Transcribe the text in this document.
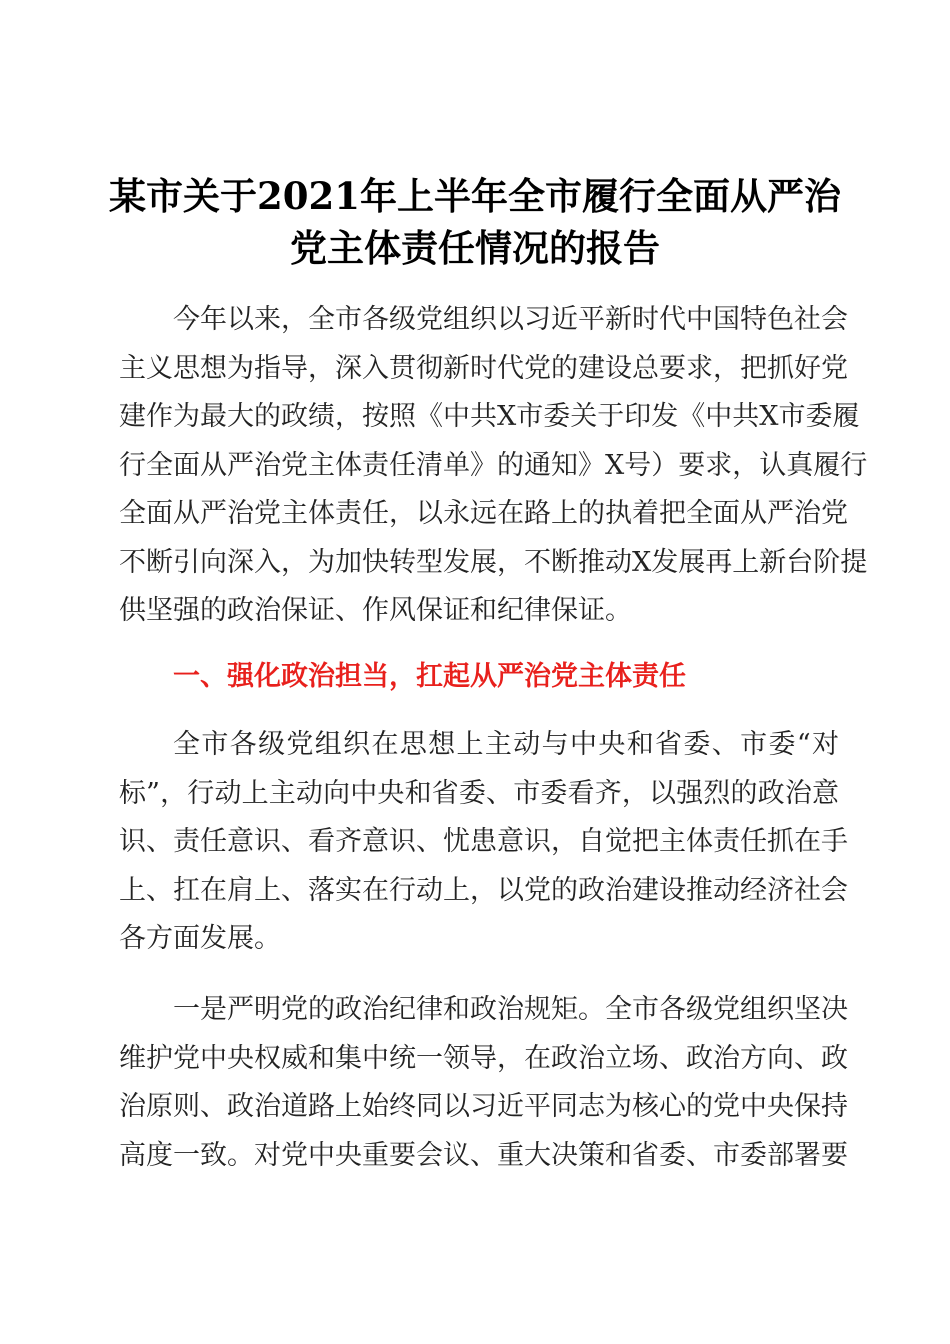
某市关于2021年上半年全市履行全面从严治
党主体责任情况的报告
今年以来，全市各级党组织以习近平新时代中国特色社会
主义思想为指导，深入贯彻新时代党的建设总要求，把抓好党
建作为最大的政绩，按照《中共X市委关于印发《中共X市委履
行全面从严治党主体责任清单》的通知》X号）要求，认真履行
全面从严治党主体责任，以永远在路上的执着把全面从严治党
不断引向深入，为加快转型发展，不断推动X发展再上新台阶提
供坚强的政治保证、作风保证和纪律保证。
一、强化政治担当，扛起从严治党主体责任
全市各级党组织在思想上主动与中央和省委、市委“对
标”，行动上主动向中央和省委、市委看齐，以强烈的政治意
识、责任意识、看齐意识、忧患意识，自觉把主体责任抓在手
上、扛在肩上、落实在行动上，以党的政治建设推动经济社会
各方面发展。
一是严明党的政治纪律和政治规矩。全市各级党组织坚决
维护党中央权威和集中统一领导，在政治立场、政治方向、政
治原则、政治道路上始终同以习近平同志为核心的党中央保持
高度一致。对党中央重要会议、重大决策和省委、市委部署要
